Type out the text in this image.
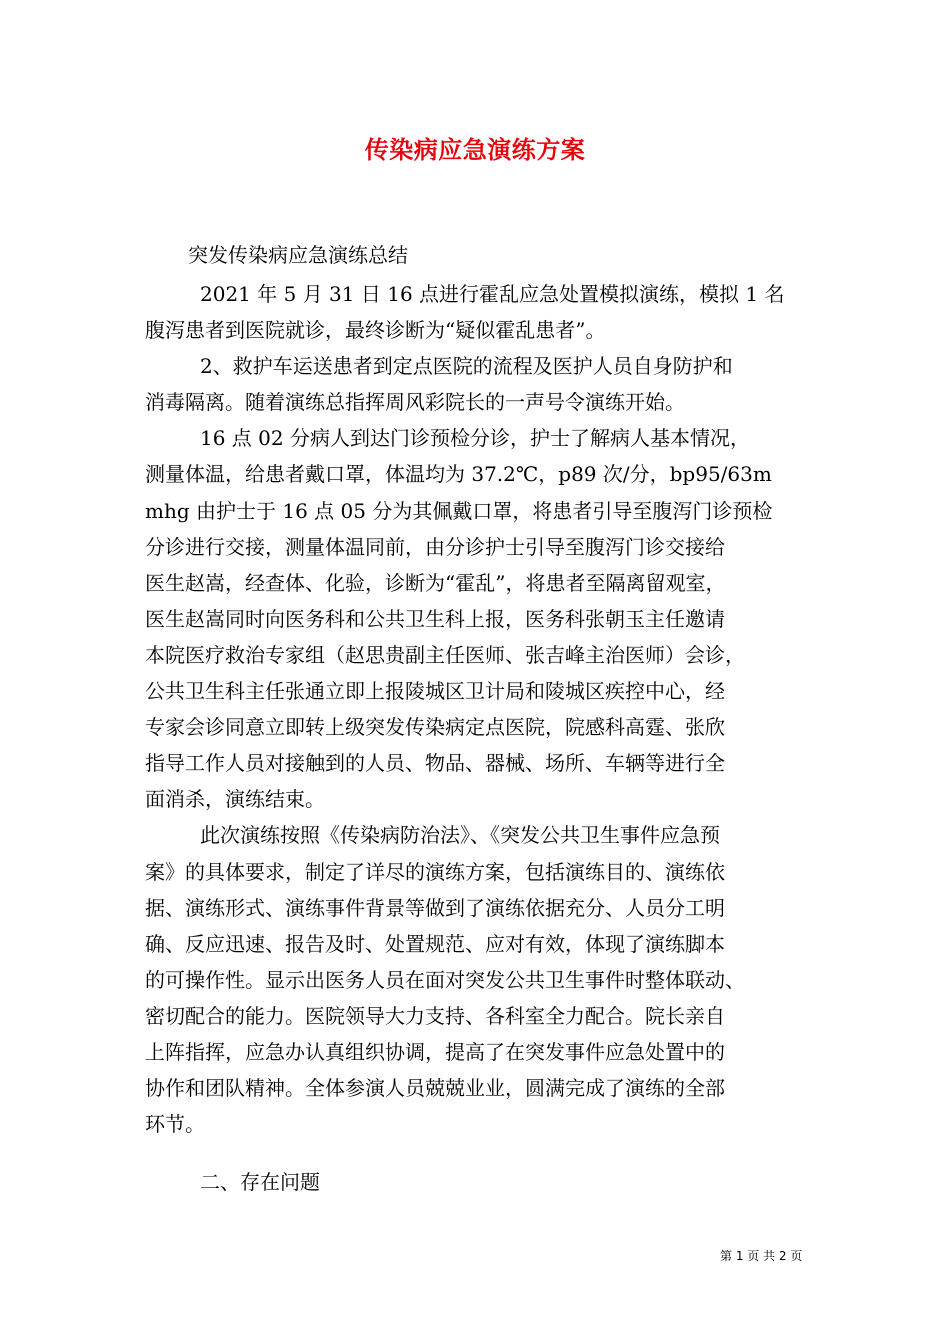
传染病应急演练方案
突发传染病应急演练总结
2021 年 5 月 31 日 16 点进行霍乱应急处置模拟演练，模拟 1 名
腹泻患者到医院就诊，最终诊断为“疑似霍乱患者”。
2、救护车运送患者到定点医院的流程及医护人员自身防护和
消毒隔离。随着演练总指挥周风彩院长的一声号令演练开始。
16 点 02 分病人到达门诊预检分诊，护士了解病人基本情况，
测量体温，给患者戴口罩，体温均为 37.2℃，p89 次/分，bp95/63m
mhg 由护士于 16 点 05 分为其佩戴口罩，将患者引导至腹泻门诊预检
分诊进行交接，测量体温同前，由分诊护士引导至腹泻门诊交接给
医生赵嵩，经查体、化验，诊断为“霍乱”，将患者至隔离留观室，
医生赵嵩同时向医务科和公共卫生科上报，医务科张朝玉主任邀请
本院医疗救治专家组（赵思贵副主任医师、张吉峰主治医师）会诊，
公共卫生科主任张通立即上报陵城区卫计局和陵城区疾控中心，经
专家会诊同意立即转上级突发传染病定点医院，院感科高霆、张欣
指导工作人员对接触到的人员、物品、器械、场所、车辆等进行全
面消杀，演练结束。
此次演练按照《传染病防治法》、《突发公共卫生事件应急预
案》的具体要求，制定了详尽的演练方案，包括演练目的、演练依
据、演练形式、演练事件背景等做到了演练依据充分、人员分工明
确、反应迅速、报告及时、处置规范、应对有效，体现了演练脚本
的可操作性。显示出医务人员在面对突发公共卫生事件时整体联动、
密切配合的能力。医院领导大力支持、各科室全力配合。院长亲自
上阵指挥，应急办认真组织协调，提高了在突发事件应急处置中的
协作和团队精神。全体参演人员兢兢业业，圆满完成了演练的全部
环节。
二、存在问题
第 1 页 共 2 页
